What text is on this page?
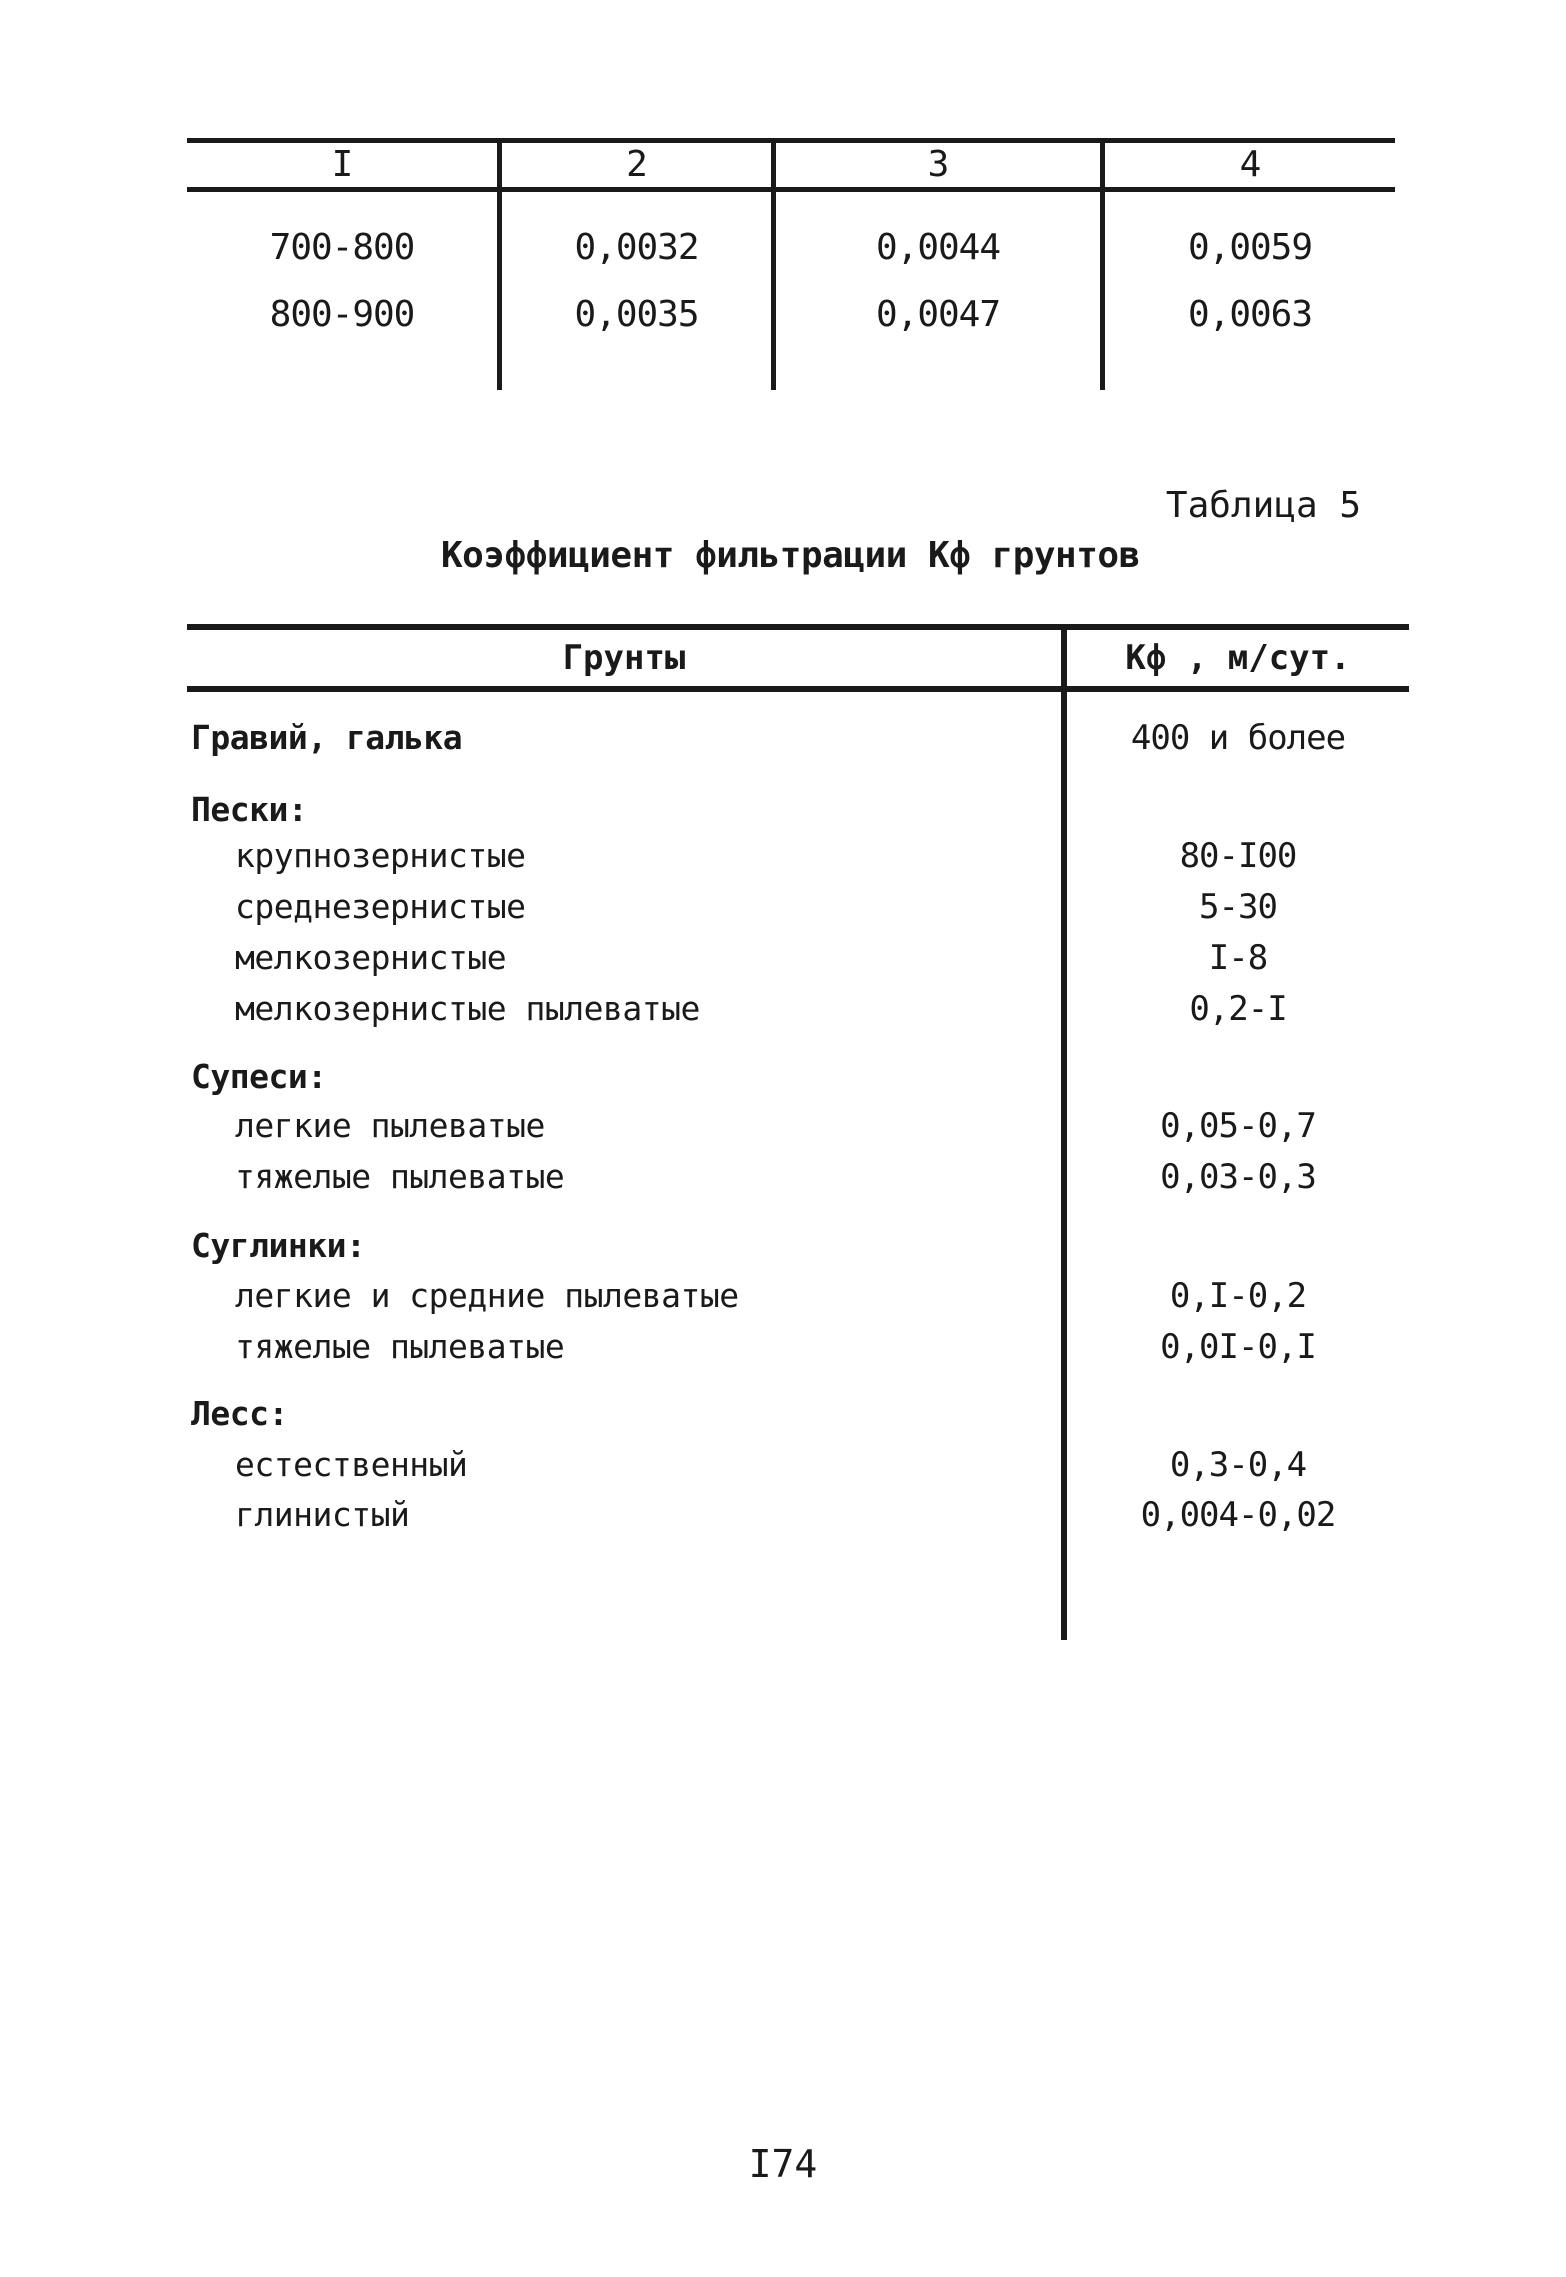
I	2	3	4
700-800	0,0032	0,0044	0,0059
800-900	0,0035	0,0047	0,0063
Таблица 5
Коэффициент фильтрации Кф грунтов
Грунты	Кф , м/сут.
Гравий, галька	400 и более
Пески:
крупнозернистые	80-I00
среднезернистые	5-30
мелкозернистые	I-8
мелкозернистые пылеватые	0,2-I
Супеси:
легкие пылеватые	0,05-0,7
тяжелые пылеватые	0,03-0,3
Суглинки:
легкие и средние пылеватые	0,I-0,2
тяжелые пылеватые	0,0I-0,I
Лесс:
естественный	0,3-0,4
глинистый	0,004-0,02
I74
